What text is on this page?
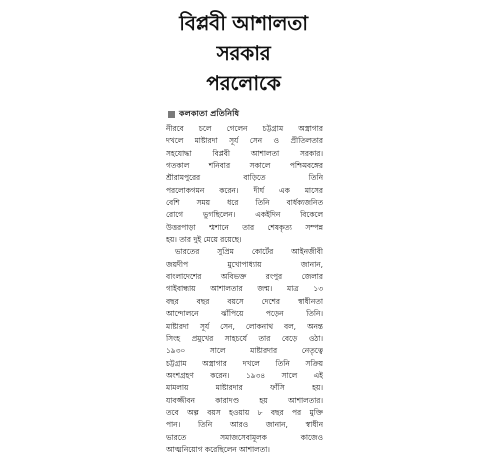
বিপ্লবী আশালতা
সরকার
পরলোকে
কলকাতা প্রতিনিধি
নীরবে চলে গেলেন চট্টগ্রাম অস্ত্রাগার
দখলে মাষ্টারদা সূর্য সেন ও প্রীতিলতার
সহযোদ্ধা বিপ্লবী আশালতা সরকার।
গতকাল শনিবার সকালে পশ্চিমবঙ্গের
শ্রীরামপুরের বাড়িতে তিনি
পরলোকগমন করেন। দীর্ঘ এক মাসের
বেশি সময় ধরে তিনি বার্ধক্যজনিত
রোগে ভুগছিলেন। একইদিন বিকেলে
উত্তরপাড়া শ্মশানে তার শেষকৃত্য সম্পন্ন
হয়। তার দুই মেয়ে রয়েছে।
ভারতের সুপ্রিম কোর্টের আইনজীবী
জয়দীপ মুখোপাধ্যায় জানান,
বাংলাদেশের অবিভক্ত রংপুর জেলার
গাইবান্ধায় আশালতার জন্ম। মাত্র ১৩
বছর বছর বয়সে দেশের স্বাধীনতা
আন্দোলনে ঝাঁপিয়ে পড়েন তিনি।
মাষ্টারদা সূর্য সেন, লোকনাথ বল, অনন্ত
সিংহ প্রমুখের সাহচর্যে তার বেড়ে ওঠা।
১৯৩০ সালে মাষ্টারদার নেতৃত্বে
চট্টগ্রাম অস্ত্রাগার দখলে তিনি সক্রিয়
অংশগ্রহণ করেন। ১৯৩৪ সালে এই
মামলায় মাষ্টারদার ফাঁসি হয়।
যাবজ্জীবন কারাদণ্ড হয় আশালতার।
তবে অল্প বয়স হওয়ায় ৮ বছর পর মুক্তি
পান। তিনি আরও জানান, স্বাধীন
ভারতে সমাজসেবামূলক কাজেও
আত্মনিয়োগ করেছিলেন আশালতা।
